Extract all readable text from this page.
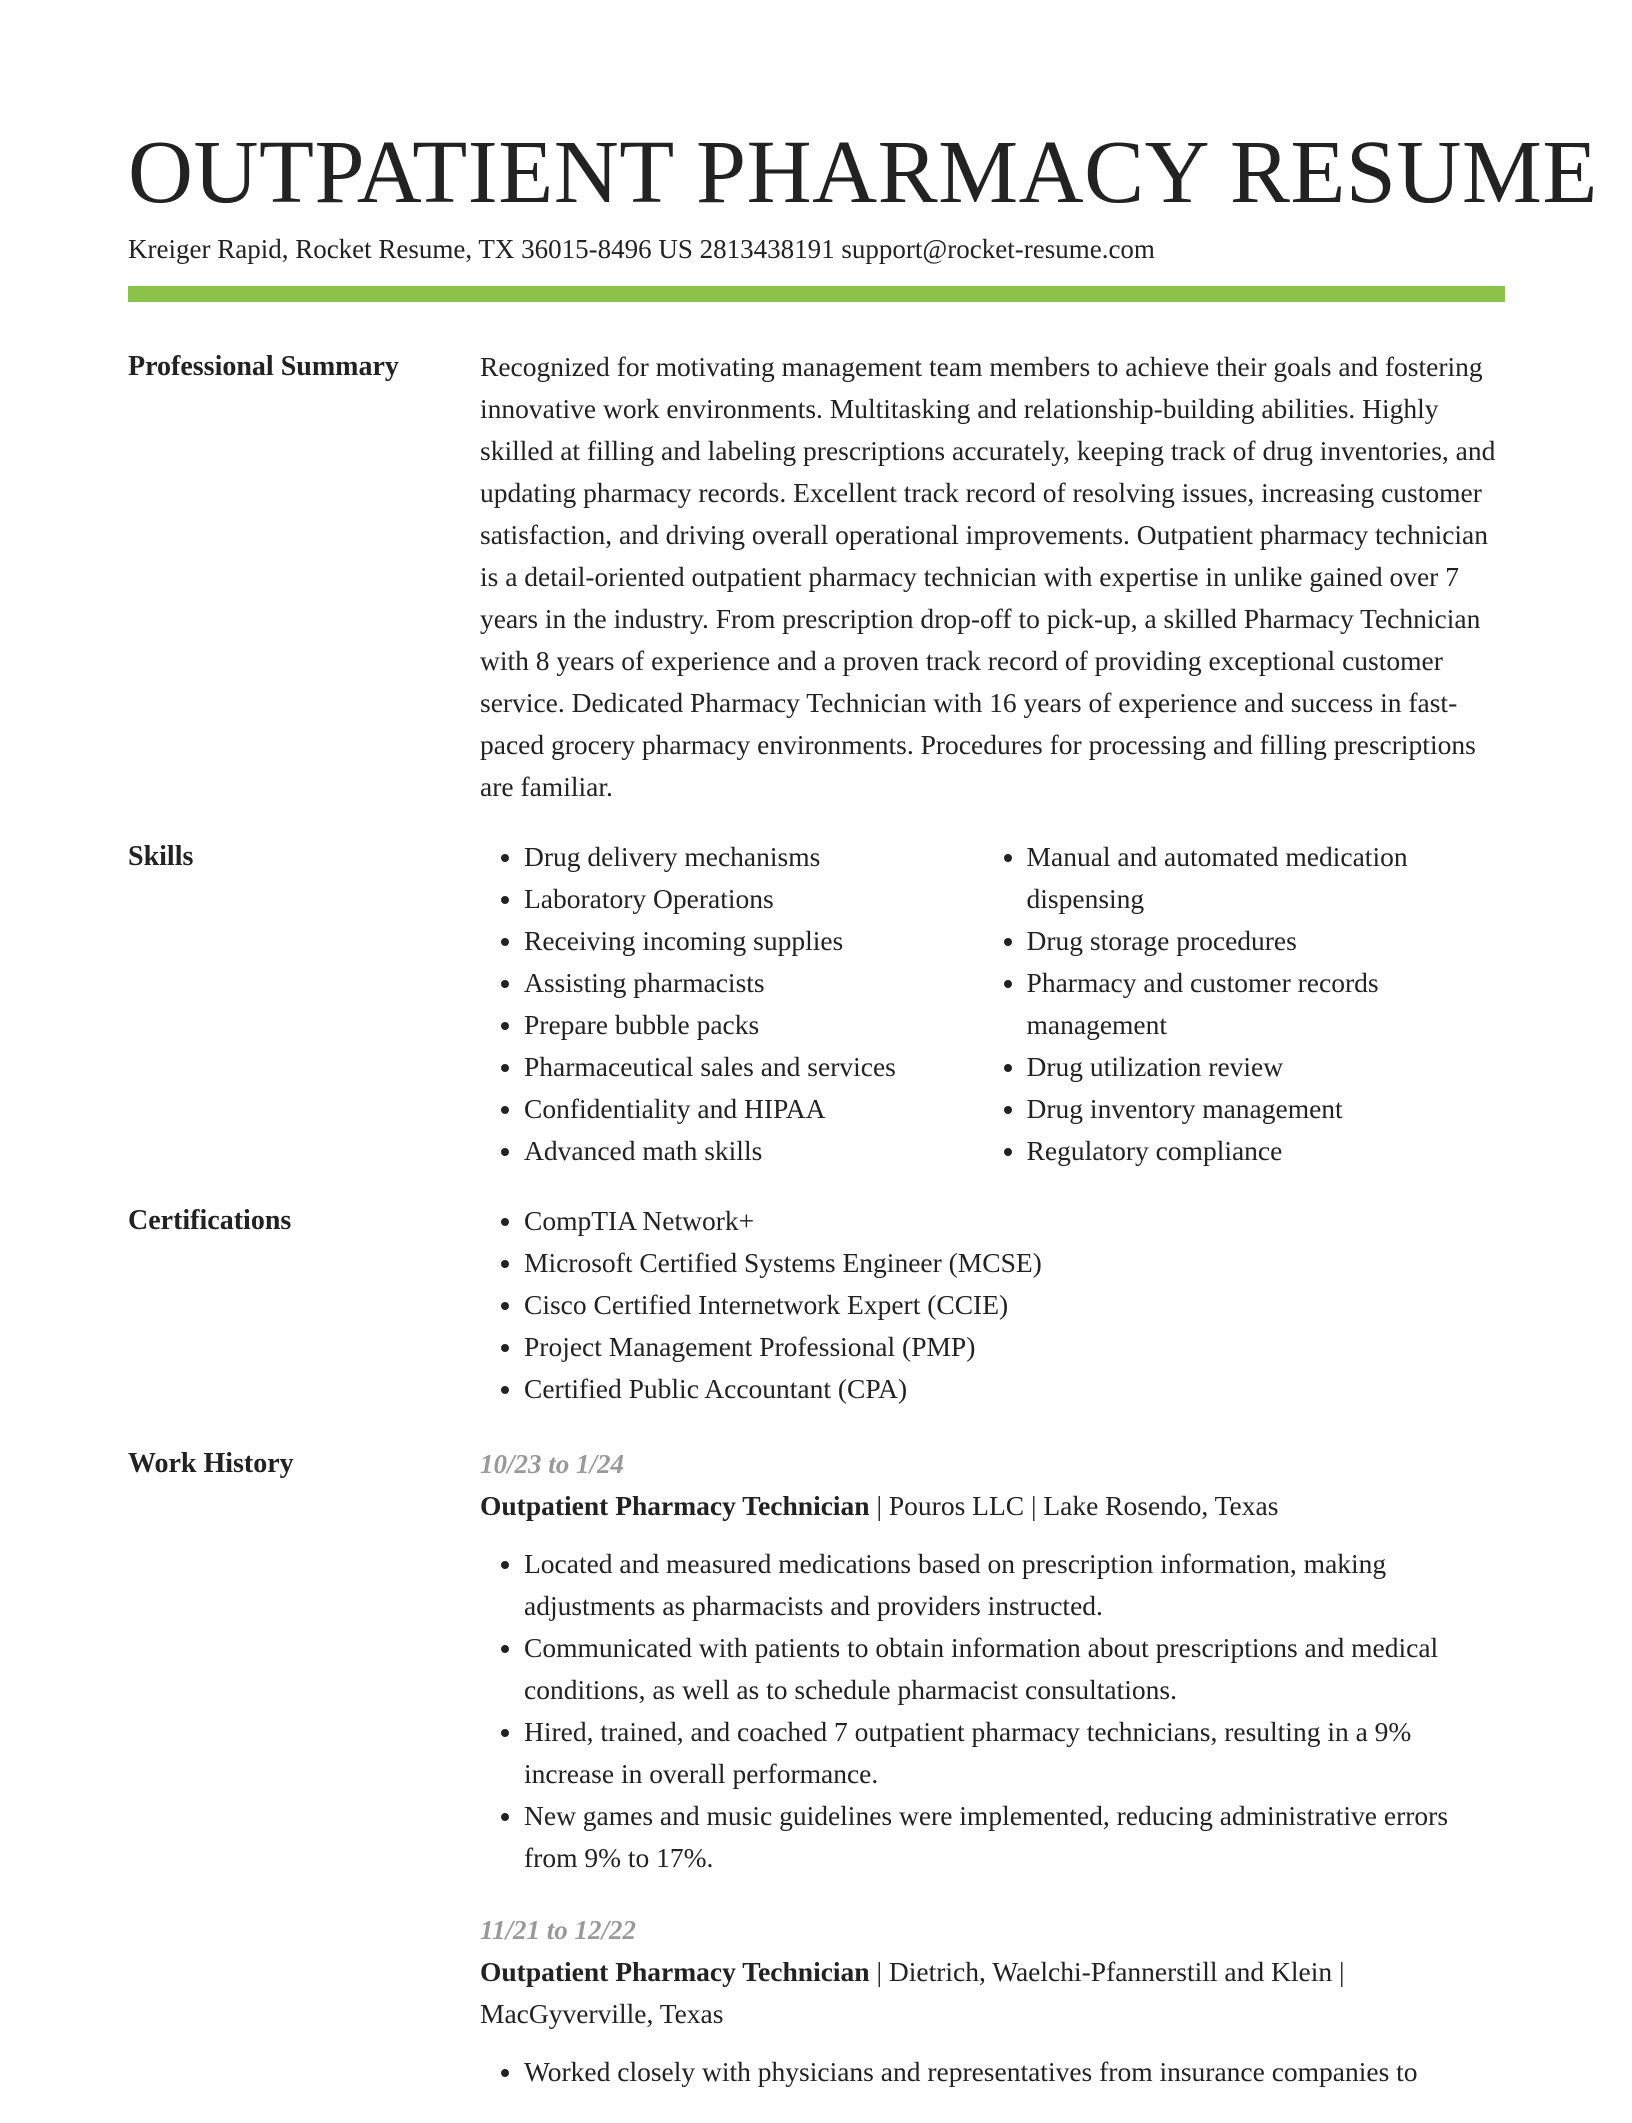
OUTPATIENT PHARMACY RESUME
Kreiger Rapid, Rocket Resume, TX 36015-8496 US 2813438191 support@rocket-resume.com
Professional Summary	Recognized for motivating management team members to achieve their goals and fostering innovative work environments. Multitasking and relationship-building abilities. Highly skilled at filling and labeling prescriptions accurately, keeping track of drug inventories, and updating pharmacy records. Excellent track record of resolving issues, increasing customer satisfaction, and driving overall operational improvements. Outpatient pharmacy technician is a detail-oriented outpatient pharmacy technician with expertise in unlike gained over 7 years in the industry. From prescription drop-off to pick-up, a skilled Pharmacy Technician with 8 years of experience and a proven track record of providing exceptional customer service. Dedicated Pharmacy Technician with 16 years of experience and success in fast-paced grocery pharmacy environments. Procedures for processing and filling prescriptions are familiar.

Skills	• Drug delivery mechanisms
• Laboratory Operations
• Receiving incoming supplies
• Assisting pharmacists
• Prepare bubble packs
• Pharmaceutical sales and services
• Confidentiality and HIPAA
• Advanced math skills
• Manual and automated medication dispensing
• Drug storage procedures
• Pharmacy and customer records management
• Drug utilization review
• Drug inventory management
• Regulatory compliance
Certifications	• CompTIA Network+
• Microsoft Certified Systems Engineer (MCSE)
• Cisco Certified Internetwork Expert (CCIE)
• Project Management Professional (PMP)
• Certified Public Accountant (CPA)
Work History	10/23 to 1/24
Outpatient Pharmacy Technician | Pouros LLC | Lake Rosendo, Texas
• Located and measured medications based on prescription information, making adjustments as pharmacists and providers instructed.
• Communicated with patients to obtain information about prescriptions and medical conditions, as well as to schedule pharmacist consultations.
• Hired, trained, and coached 7 outpatient pharmacy technicians, resulting in a 9% increase in overall performance.
• New games and music guidelines were implemented, reducing administrative errors from 9% to 17%.
11/21 to 12/22
Outpatient Pharmacy Technician | Dietrich, Waelchi-Pfannerstill and Klein | MacGyverville, Texas
• Worked closely with physicians and representatives from insurance companies to
